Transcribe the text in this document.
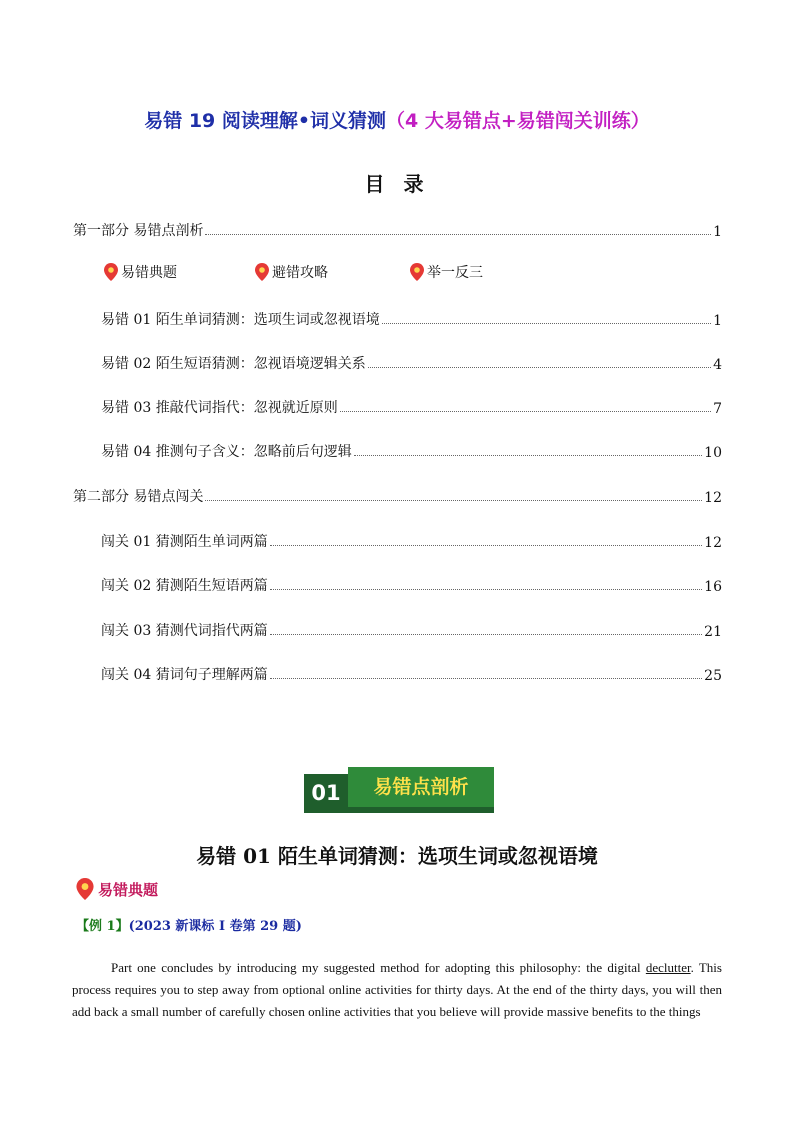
易错 19 阅读理解•词义猜测（4 大易错点+易错闯关训练）
目 录
第一部分 易错点剖析	1
易错典题	避错攻略	举一反三
易错 01 陌生单词猜测：选项生词或忽视语境	1
易错 02 陌生短语猜测：忽视语境逻辑关系	4
易错 03 推敲代词指代：忽视就近原则	7
易错 04 推测句子含义：忽略前后句逻辑	10
第二部分 易错点闯关	12
闯关 01 猜测陌生单词两篇	12
闯关 02 猜测陌生短语两篇	16
闯关 03 猜测代词指代两篇	21
闯关 04 猜词句子理解两篇	25
易错点剖析
01
易错 01 陌生单词猜测：选项生词或忽视语境
易错典题
【例 1】(2023 新课标 I 卷第 29 题)
   Part one concludes by introducing my suggested method for adopting this philosophy: the digital declutter. This process requires you to step away from optional online activities for thirty days. At the end of the thirty days, you will then add back a small number of carefully chosen online activities that you believe will provide massive benefits to the things
